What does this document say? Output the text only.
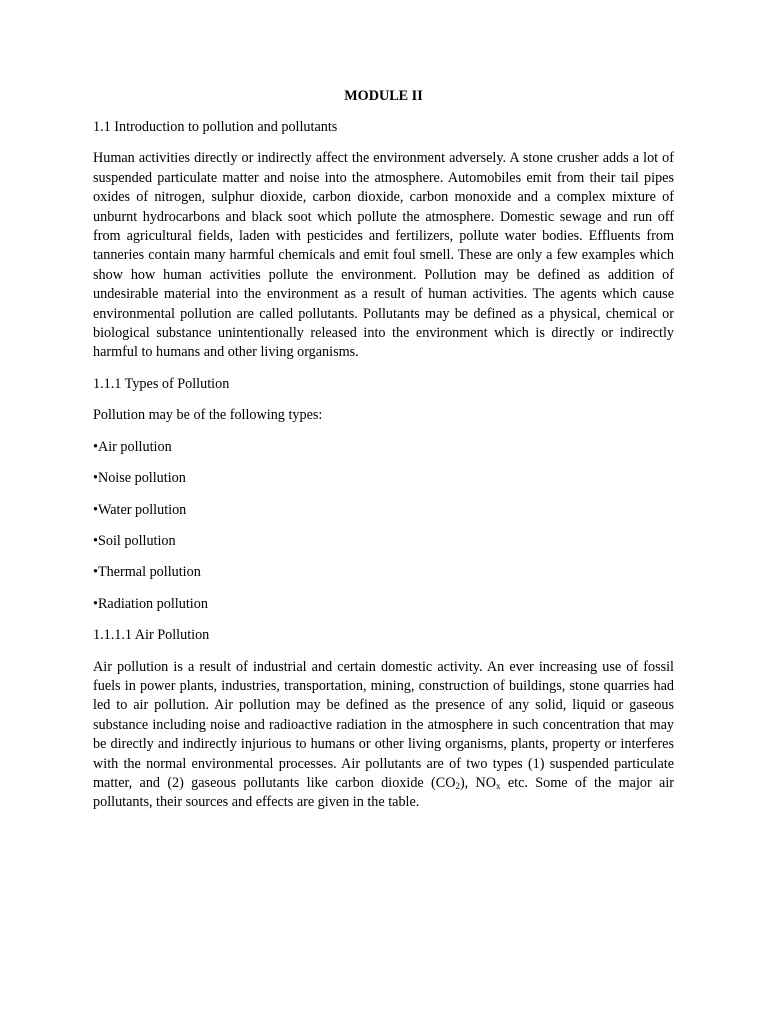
MODULE II
1.1 Introduction to pollution and pollutants

Human activities directly or indirectly affect the environment adversely. A stone crusher adds a lot of suspended particulate matter and noise into the atmosphere. Automobiles emit from their tail pipes oxides of nitrogen, sulphur dioxide, carbon dioxide, carbon monoxide and a complex mixture of unburnt hydrocarbons and black soot which pollute the atmosphere. Domestic sewage and run off from agricultural fields, laden with pesticides and fertilizers, pollute water bodies. Effluents from tanneries contain many harmful chemicals and emit foul smell. These are only a few examples which show how human activities pollute the environment. Pollution may be defined as addition of undesirable material into the environment as a result of human activities. The agents which cause environmental pollution are called pollutants. Pollutants may be defined as a physical, chemical or biological substance unintentionally released into the environment which is directly or indirectly harmful to humans and other living organisms.

1.1.1 Types of Pollution

Pollution may be of the following types:

• Air pollution
• Noise pollution
• Water pollution
• Soil pollution
• Thermal pollution
• Radiation pollution
1.1.1.1 Air Pollution

Air pollution is a result of industrial and certain domestic activity. An ever increasing use of fossil fuels in power plants, industries, transportation, mining, construction of buildings, stone quarries had led to air pollution. Air pollution may be defined as the presence of any solid, liquid or gaseous substance including noise and radioactive radiation in the atmosphere in such concentration that may be directly and indirectly injurious to humans or other living organisms, plants, property or interferes with the normal environmental processes. Air pollutants are of two types (1) suspended particulate matter, and (2) gaseous pollutants like carbon dioxide $(CO_2)$, $NO_x$ etc. Some of the major air pollutants, their sources and effects are given in the table.
